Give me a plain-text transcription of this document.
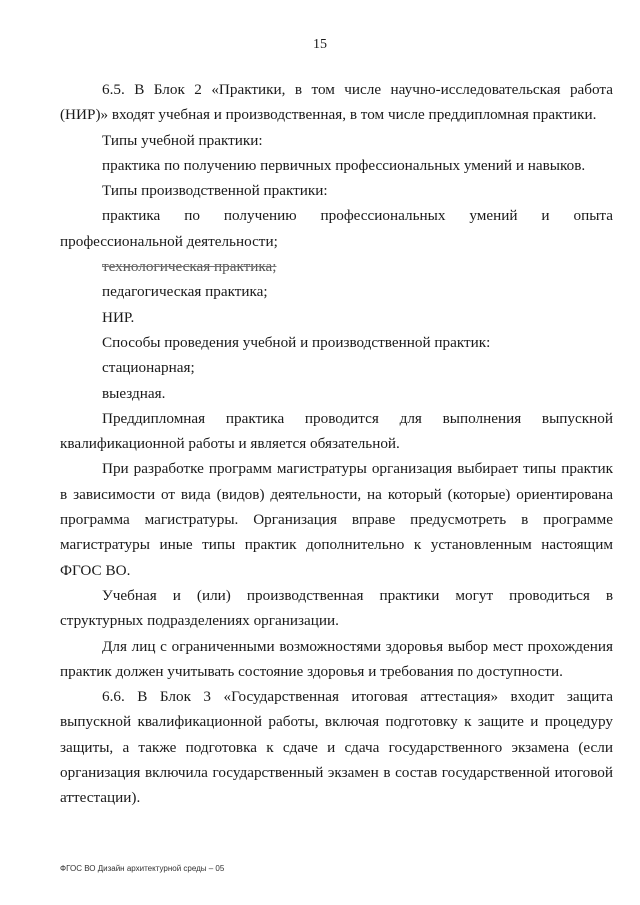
15

6.5. В Блок 2 «Практики, в том числе научно-исследовательская работа (НИР)» входят учебная и производственная, в том числе преддипломная практики.

Типы учебной практики:

практика по получению первичных профессиональных умений и навыков.

Типы производственной практики:

практика по получению профессиональных умений и опыта
профессиональной деятельности;

технологическая практика;

педагогическая практика;

НИР.

Способы проведения учебной и производственной практик:

стационарная;

выездная.

Преддипломная практика проводится для выполнения выпускной
квалификационной работы и является обязательной.

При разработке программ магистратуры организация выбирает типы практик в зависимости от вида (видов) деятельности, на который (которые) ориентирована программа магистратуры. Организация вправе предусмотреть в программе магистратуры иные типы практик дополнительно к установленным настоящим ФГОС ВО.

Учебная и (или) производственная практики могут проводиться в структурных подразделениях организации.

Для лиц с ограниченными возможностями здоровья выбор мест прохождения практик должен учитывать состояние здоровья и требования по доступности.

6.6. В Блок 3 «Государственная итоговая аттестация» входит защита выпускной квалификационной работы, включая подготовку к защите и процедуру защиты, а также подготовка к сдаче и сдача государственного экзамена (если организация включила государственный экзамен в состав государственной итоговой аттестации).

ФГОС ВО Дизайн архитектурной среды – 05
